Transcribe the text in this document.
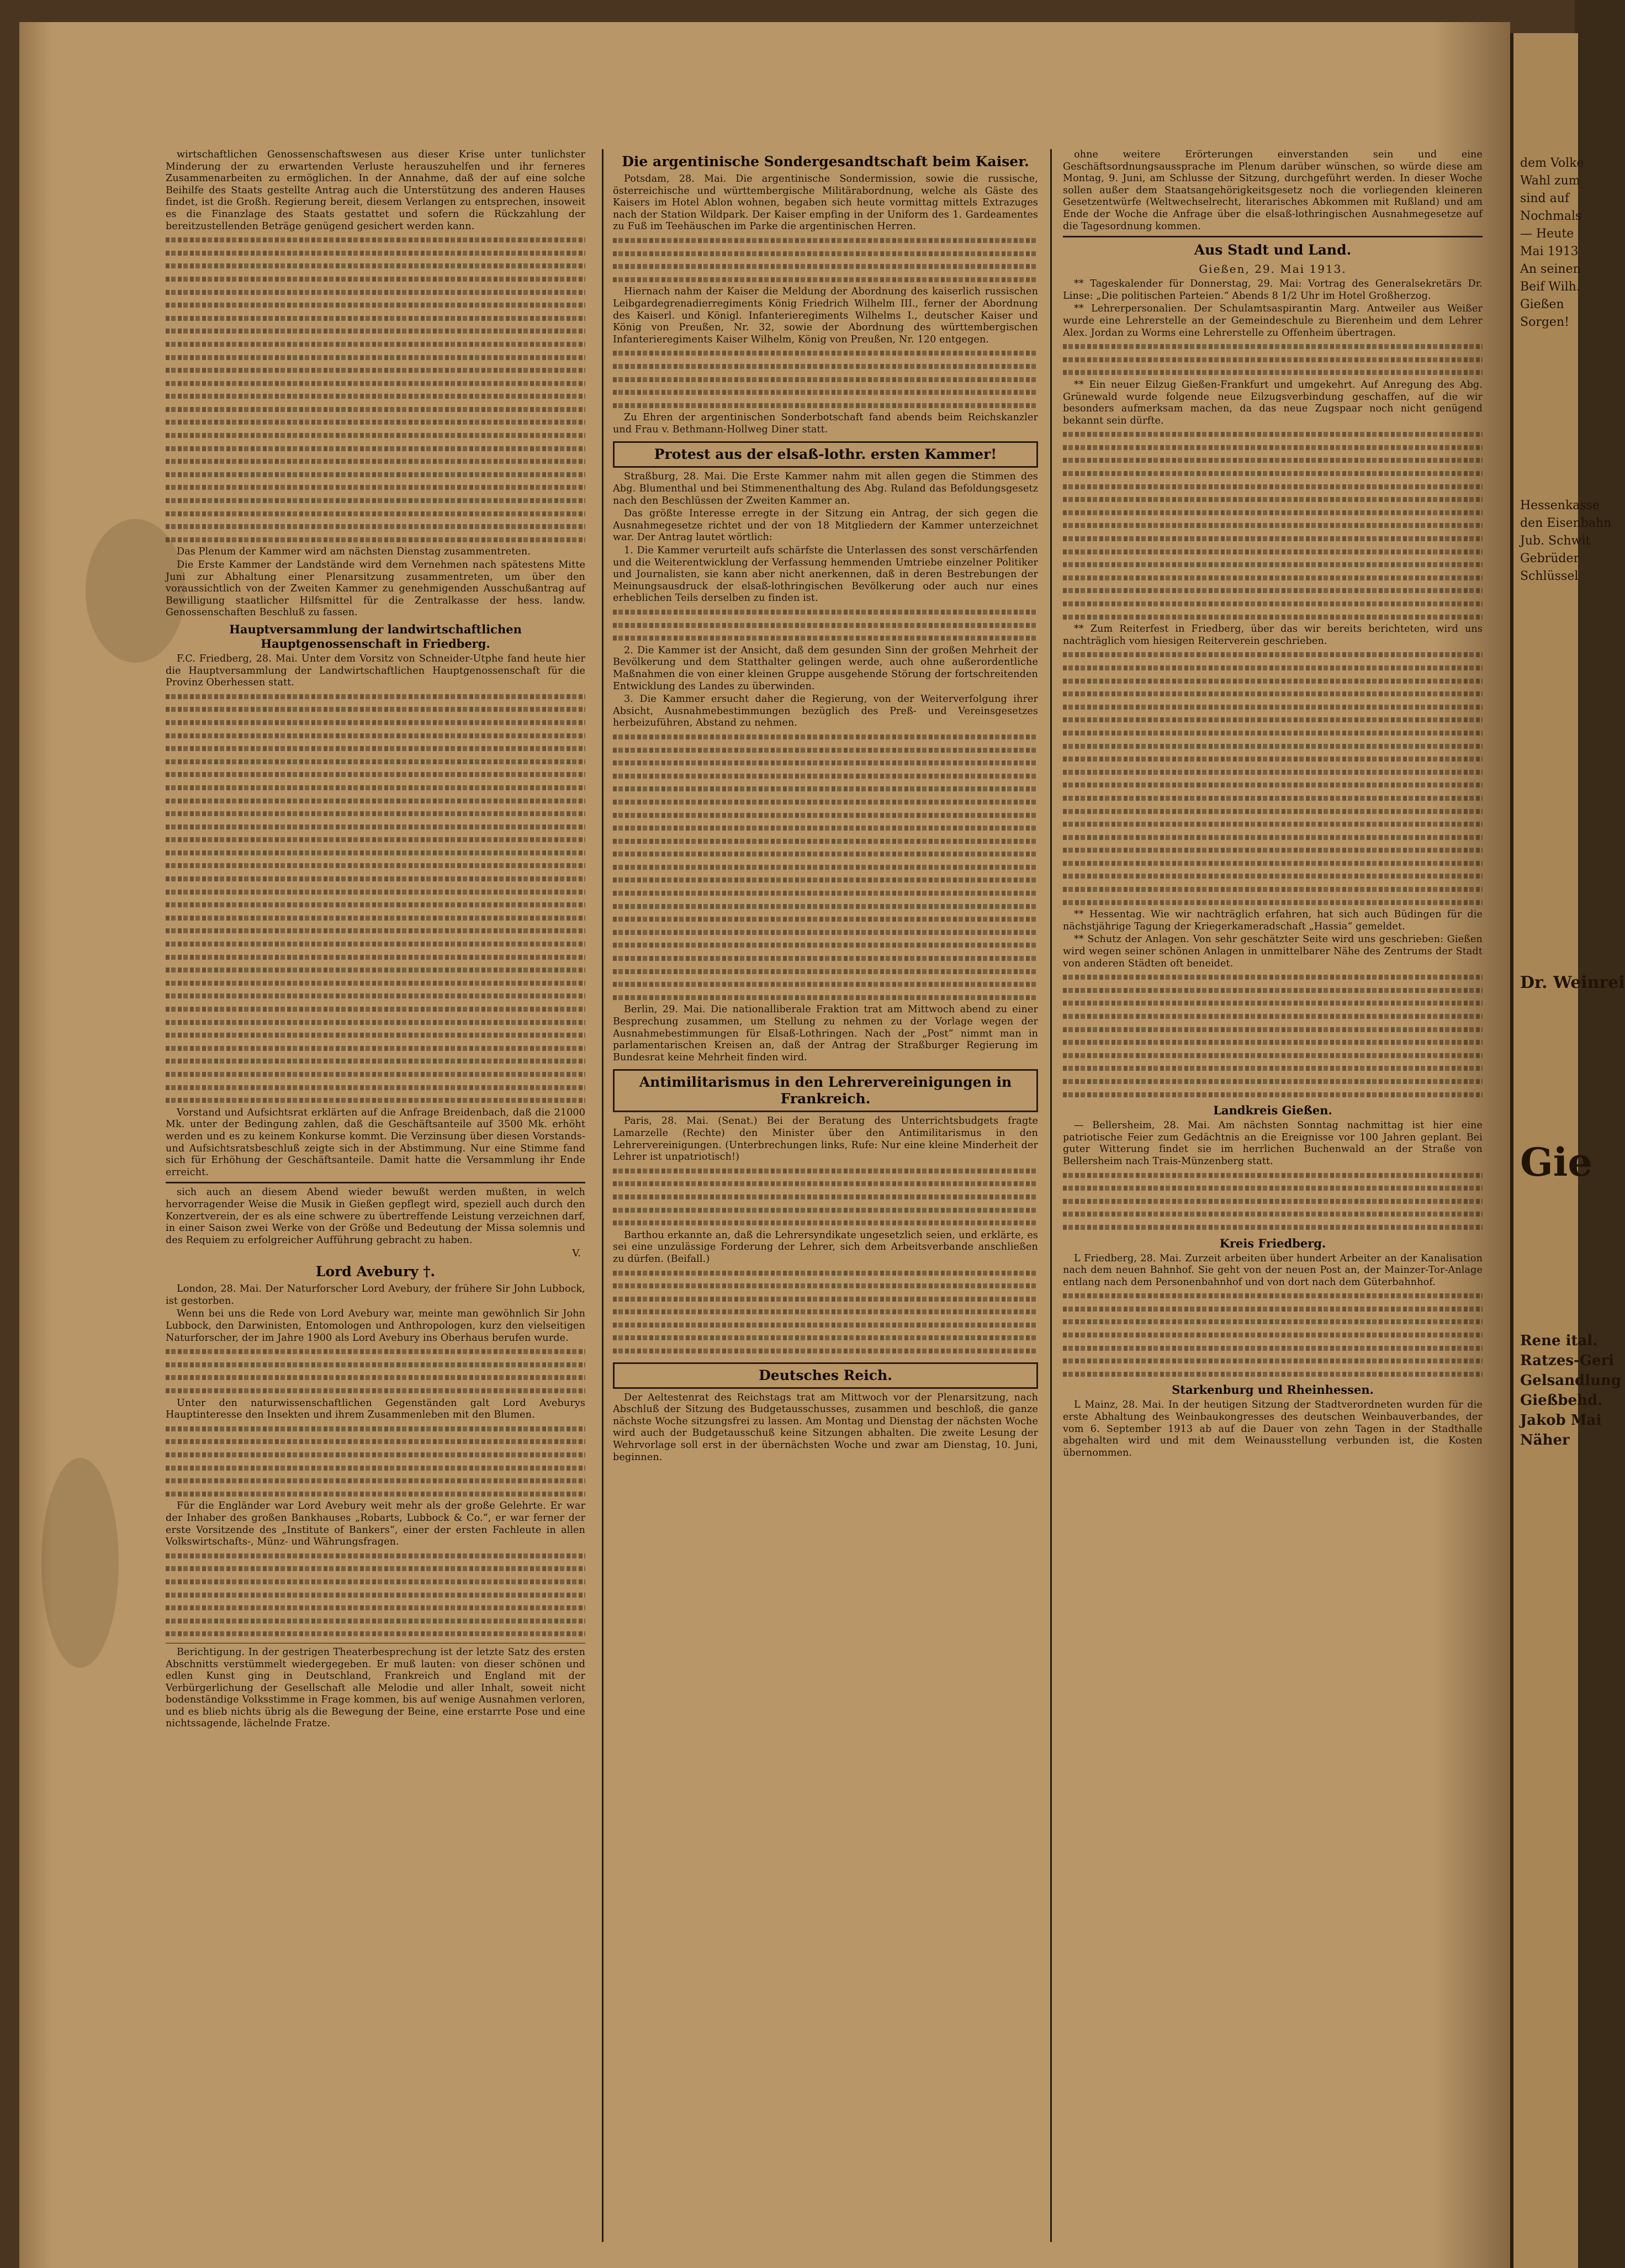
wirtschaftlichen Genossenschaftswesen aus dieser Krise unter tunlichster Minderung der zu erwartenden Verluste herauszuhelfen und ihr ferneres Zusammenarbeiten zu ermöglichen. In der Annahme, daß der auf eine solche Beihilfe des Staats gestellte Antrag auch die Unterstützung des anderen Hauses findet, ist die Großh. Regierung bereit, diesem Verlangen zu entsprechen, insoweit es die Finanzlage des Staats gestattet und sofern die Rückzahlung der bereitzustellenden Beträge genügend gesichert werden kann.

Das Plenum der Kammer wird am nächsten Dienstag zusammentreten.

Die Erste Kammer der Landstände wird dem Vernehmen nach spätestens Mitte Juni zur Abhaltung einer Plenarsitzung zusammentreten, um über den voraussichtlich von der Zweiten Kammer zu genehmigenden Ausschußantrag auf Bewilligung staatlicher Hilfsmittel für die Zentralkasse der hess. landw. Genossenschaften Beschluß zu fassen.

Hauptversammlung der landwirtschaftlichen Hauptgenossenschaft in Friedberg.

F.C. Friedberg, 28. Mai. Unter dem Vorsitz von Schneider-Utphe fand heute hier die Hauptversammlung der Landwirtschaftlichen Hauptgenossenschaft für die Provinz Oberhessen statt.

Vorstand und Aufsichtsrat erklärten auf die Anfrage Breidenbach, daß die 21000 Mk. unter der Bedingung zahlen, daß die Geschäftsanteile auf 3500 Mk. erhöht werden und es zu keinem Konkurse kommt. Die Verzinsung über diesen Vorstands- und Aufsichtsratsbeschluß zeigte sich in der Abstimmung. Nur eine Stimme fand sich für Erhöhung der Geschäftsanteile. Damit hatte die Versammlung ihr Ende erreicht.

sich auch an diesem Abend wieder bewußt werden mußten, in welch hervorragender Weise die Musik in Gießen gepflegt wird, speziell auch durch den Konzertverein, der es als eine schwere zu übertreffende Leistung verzeichnen darf, in einer Saison zwei Werke von der Größe und Bedeutung der Missa solemnis und des Requiem zu erfolgreicher Aufführung gebracht zu haben.

V.
Lord Avebury †.

London, 28. Mai. Der Naturforscher Lord Avebury, der frühere Sir John Lubbock, ist gestorben.

Wenn bei uns die Rede von Lord Avebury war, meinte man gewöhnlich Sir John Lubbock, den Darwinisten, Entomologen und Anthropologen, kurz den vielseitigen Naturforscher, der im Jahre 1900 als Lord Avebury ins Oberhaus berufen wurde.

Unter den naturwissenschaftlichen Gegenständen galt Lord Aveburys Hauptinteresse den Insekten und ihrem Zusammenleben mit den Blumen.

Für die Engländer war Lord Avebury weit mehr als der große Gelehrte. Er war der Inhaber des großen Bankhauses „Robarts, Lubbock & Co.“, er war ferner der erste Vorsitzende des „Institute of Bankers“, einer der ersten Fachleute in allen Volkswirtschafts-, Münz- und Währungsfragen.

Berichtigung. In der gestrigen Theaterbesprechung ist der letzte Satz des ersten Abschnitts verstümmelt wiedergegeben. Er muß lauten: von dieser schönen und edlen Kunst ging in Deutschland, Frankreich und England mit der Verbürgerlichung der Gesellschaft alle Melodie und aller Inhalt, soweit nicht bodenständige Volksstimme in Frage kommen, bis auf wenige Ausnahmen verloren, und es blieb nichts übrig als die Bewegung der Beine, eine erstarrte Pose und eine nichtssagende, lächelnde Fratze.

Die argentinische Sondergesandtschaft beim Kaiser.

Potsdam, 28. Mai. Die argentinische Sondermission, sowie die russische, österreichische und württembergische Militärabordnung, welche als Gäste des Kaisers im Hotel Ablon wohnen, begaben sich heute vormittag mittels Extrazuges nach der Station Wildpark. Der Kaiser empfing in der Uniform des 1. Gardeamentes zu Fuß im Teehäuschen im Parke die argentinischen Herren.

Hiernach nahm der Kaiser die Meldung der Abordnung des kaiserlich russischen Leibgardegrenadierregiments König Friedrich Wilhelm III., ferner der Abordnung des Kaiserl. und Königl. Infanterieregiments Wilhelms I., deutscher Kaiser und König von Preußen, Nr. 32, sowie der Abordnung des württembergischen Infanterieregiments Kaiser Wilhelm, König von Preußen, Nr. 120 entgegen.

Zu Ehren der argentinischen Sonderbotschaft fand abends beim Reichskanzler und Frau v. Bethmann-Hollweg Diner statt.

Protest aus der elsaß-lothr. ersten Kammer!

Straßburg, 28. Mai. Die Erste Kammer nahm mit allen gegen die Stimmen des Abg. Blumenthal und bei Stimmenenthaltung des Abg. Ruland das Befoldungsgesetz nach den Beschlüssen der Zweiten Kammer an.

Das größte Interesse erregte in der Sitzung ein Antrag, der sich gegen die Ausnahmegesetze richtet und der von 18 Mitgliedern der Kammer unterzeichnet war. Der Antrag lautet wörtlich:

1. Die Kammer verurteilt aufs schärfste die Unterlassen des sonst verschärfenden und die Weiterentwicklung der Verfassung hemmenden Umtriebe einzelner Politiker und Journalisten, sie kann aber nicht anerkennen, daß in deren Bestrebungen der Meinungsausdruck der elsaß-lothringischen Bevölkerung oder auch nur eines erheblichen Teils derselben zu finden ist.

2. Die Kammer ist der Ansicht, daß dem gesunden Sinn der großen Mehrheit der Bevölkerung und dem Statthalter gelingen werde, auch ohne außerordentliche Maßnahmen die von einer kleinen Gruppe ausgehende Störung der fortschreitenden Entwicklung des Landes zu überwinden.

3. Die Kammer ersucht daher die Regierung, von der Weiterverfolgung ihrer Absicht, Ausnahmebestimmungen bezüglich des Preß- und Vereinsgesetzes herbeizuführen, Abstand zu nehmen.

Berlin, 29. Mai. Die nationalliberale Fraktion trat am Mittwoch abend zu einer Besprechung zusammen, um Stellung zu nehmen zu der Vorlage wegen der Ausnahmebestimmungen für Elsaß-Lothringen. Nach der „Post“ nimmt man in parlamentarischen Kreisen an, daß der Antrag der Straßburger Regierung im Bundesrat keine Mehrheit finden wird.

Antimilitarismus in den Lehrervereinigungen in Frankreich.

Paris, 28. Mai. (Senat.) Bei der Beratung des Unterrichtsbudgets fragte Lamarzelle (Rechte) den Minister über den Antimilitarismus in den Lehrervereinigungen. (Unterbrechungen links, Rufe: Nur eine kleine Minderheit der Lehrer ist unpatriotisch!)

Barthou erkannte an, daß die Lehrersyndikate ungesetzlich seien, und erklärte, es sei eine unzulässige Forderung der Lehrer, sich dem Arbeitsverbande anschließen zu dürfen. (Beifall.)

Deutsches Reich.

Der Aeltestenrat des Reichstags trat am Mittwoch vor der Plenarsitzung, nach Abschluß der Sitzung des Budgetausschusses, zusammen und beschloß, die ganze nächste Woche sitzungsfrei zu lassen. Am Montag und Dienstag der nächsten Woche wird auch der Budgetausschuß keine Sitzungen abhalten. Die zweite Lesung der Wehrvorlage soll erst in der übernächsten Woche und zwar am Dienstag, 10. Juni, beginnen.

ohne weitere Erörterungen einverstanden sein und eine Geschäftsordnungsaussprache im Plenum darüber wünschen, so würde diese am Montag, 9. Juni, am Schlusse der Sitzung, durchgeführt werden. In dieser Woche sollen außer dem Staatsangehörigkeitsgesetz noch die vorliegenden kleineren Gesetzentwürfe (Weltwechselrecht, literarisches Abkommen mit Rußland) und am Ende der Woche die Anfrage über die elsaß-lothringischen Ausnahmegesetze auf die Tagesordnung kommen.

Aus Stadt und Land.
Gießen, 29. Mai 1913.

** Tageskalender für Donnerstag, 29. Mai: Vortrag des Generalsekretärs Dr. Linse: „Die politischen Parteien.“ Abends 8 1/2 Uhr im Hotel Großherzog.

** Lehrerpersonalien. Der Schulamtsaspirantin Marg. Antweiler aus Weißer wurde eine Lehrerstelle an der Gemeindeschule zu Bierenheim und dem Lehrer Alex. Jordan zu Worms eine Lehrerstelle zu Offenheim übertragen.

** Ein neuer Eilzug Gießen-Frankfurt und umgekehrt. Auf Anregung des Abg. Grünewald wurde folgende neue Eilzugsverbindung geschaffen, auf die wir besonders aufmerksam machen, da das neue Zugspaar noch nicht genügend bekannt sein dürfte.

** Zum Reiterfest in Friedberg, über das wir bereits berichteten, wird uns nachträglich vom hiesigen Reiterverein geschrieben.

** Hessentag. Wie wir nachträglich erfahren, hat sich auch Büdingen für die nächstjährige Tagung der Kriegerkameradschaft „Hassia“ gemeldet.

** Schutz der Anlagen. Von sehr geschätzter Seite wird uns geschrieben: Gießen wird wegen seiner schönen Anlagen in unmittelbarer Nähe des Zentrums der Stadt von anderen Städten oft beneidet.

Landkreis Gießen.

— Bellersheim, 28. Mai. Am nächsten Sonntag nachmittag ist hier eine patriotische Feier zum Gedächtnis an die Ereignisse vor 100 Jahren geplant. Bei guter Witterung findet sie im herrlichen Buchenwald an der Straße von Bellersheim nach Trais-Münzenberg statt.

Kreis Friedberg.

L Friedberg, 28. Mai. Zurzeit arbeiten über hundert Arbeiter an der Kanalisation nach dem neuen Bahnhof. Sie geht von der neuen Post an, der Mainzer-Tor-Anlage entlang nach dem Personenbahnhof und von dort nach dem Güterbahnhof.

Starkenburg und Rheinhessen.

L Mainz, 28. Mai. In der heutigen Sitzung der Stadtverordneten wurden für die erste Abhaltung des Weinbaukongresses des deutschen Weinbauverbandes, der vom 6. September 1913 ab auf die Dauer von zehn Tagen in der Stadthalle abgehalten wird und mit dem Weinausstellung verbunden ist, die Kosten übernommen.

dem Volke
Wahl zum
sind auf
Nochmals
— Heute
Mai 1913
An seinen
Beif Wilh.
Gießen
Sorgen!
Hessenkasse
den Eisenbahn
Jub. Schwit
Gebrüder
Schlüssel
Dr. Weinrei
Gie
Rene ital.
Ratzes-Geri
Gelsandlung
Gießbehd.
Jakob Mai
Näher
